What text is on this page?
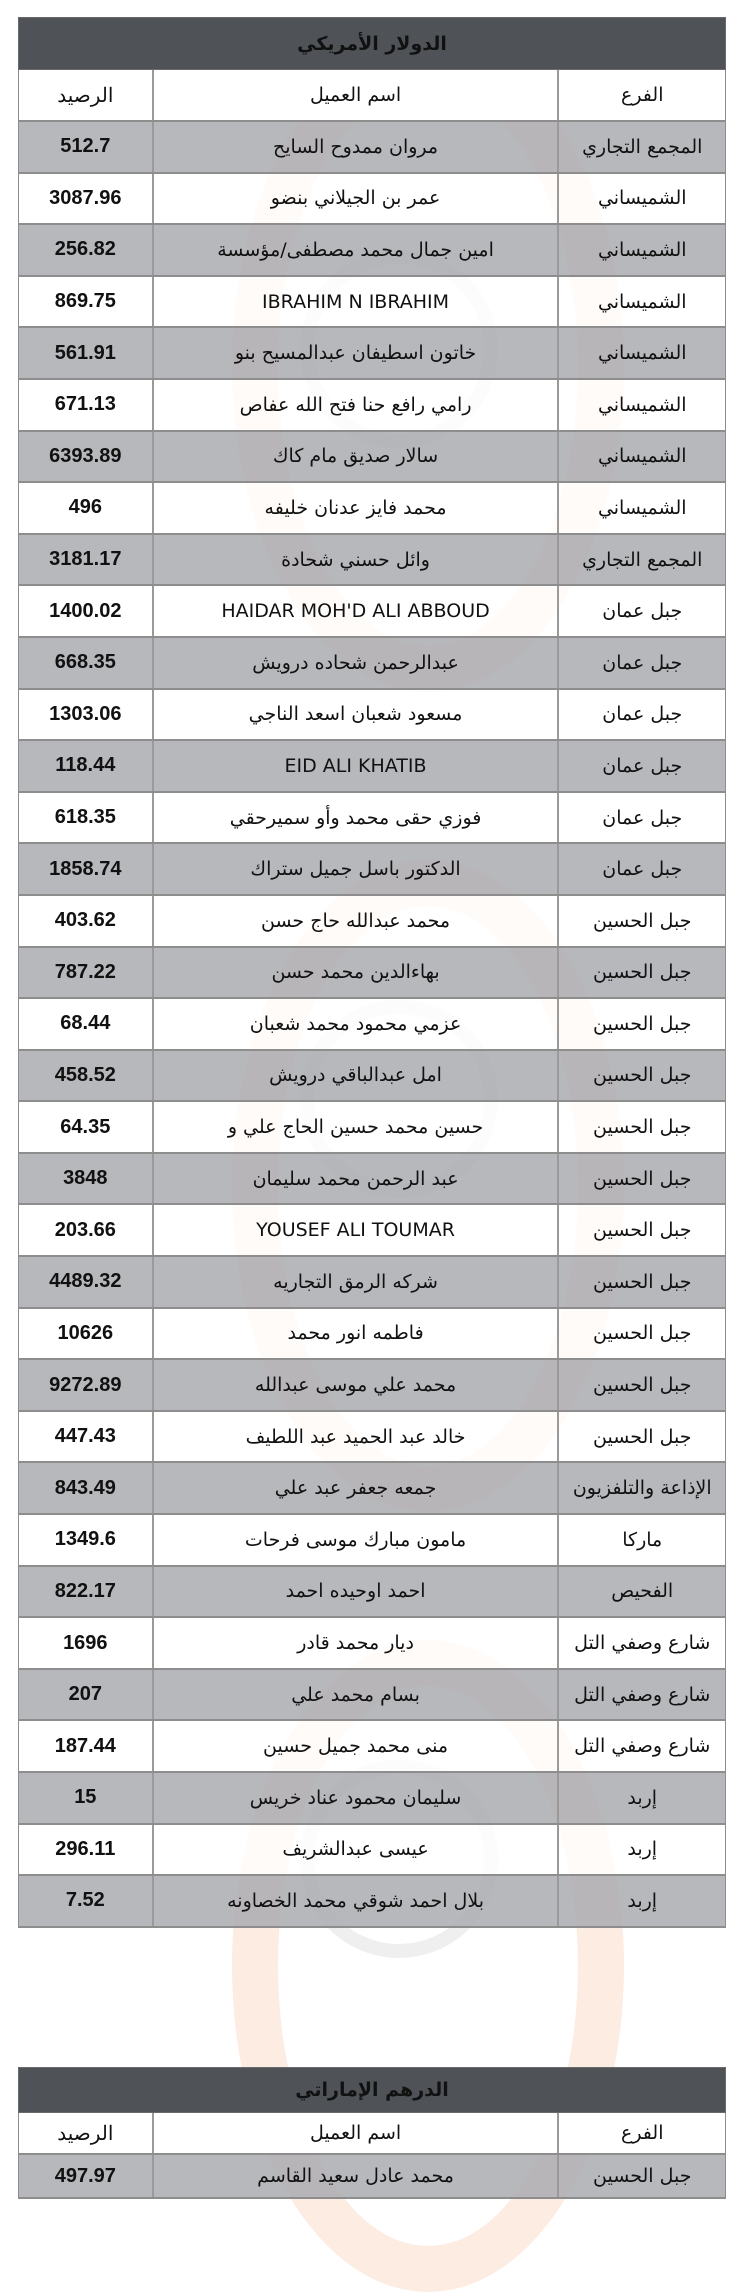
الدولار الأمريكي
الفرع
اسم العميل
الرصيد
المجمع التجاري
مروان ممدوح السايح
512.7
الشميساني
عمر بن الجيلاني بنضو
3087.96
الشميساني
امين جمال محمد مصطفى/مؤسسة
256.82
الشميساني
IBRAHIM N IBRAHIM
869.75
الشميساني
خاتون اسطيفان عبدالمسيح بنو
561.91
الشميساني
رامي رافع حنا فتح الله عفاص
671.13
الشميساني
سالار صديق مام كاك
6393.89
الشميساني
محمد فايز عدنان خليفه
496
المجمع التجاري
وائل حسني شحادة
3181.17
جبل عمان
HAIDAR MOH'D ALI ABBOUD
1400.02
جبل عمان
عبدالرحمن شحاده درويش
668.35
جبل عمان
مسعود شعبان اسعد الناجي
1303.06
جبل عمان
EID ALI KHATIB
118.44
جبل عمان
فوزي حقى محمد وأو سميرحقي
618.35
جبل عمان
الدكتور باسل جميل ستراك
1858.74
جبل الحسين
محمد عبدالله حاج حسن
403.62
جبل الحسين
بهاءالدين محمد حسن
787.22
جبل الحسين
عزمي محمود محمد شعبان
68.44
جبل الحسين
امل عبدالباقي درويش
458.52
جبل الحسين
حسين محمد حسين الحاج علي و
64.35
جبل الحسين
عبد الرحمن محمد سليمان
3848
جبل الحسين
YOUSEF ALI TOUMAR
203.66
جبل الحسين
شركه الرمق التجاريه
4489.32
جبل الحسين
فاطمه انور محمد
10626
جبل الحسين
محمد علي موسى عبدالله
9272.89
جبل الحسين
خالد عبد الحميد عبد اللطيف
447.43
الإذاعة والتلفزيون
جمعه جعفر عبد علي
843.49
ماركا
مامون مبارك موسى فرحات
1349.6
الفحيص
احمد اوحيده احمد
822.17
شارع وصفي التل
ديار محمد قادر
1696
شارع وصفي التل
بسام محمد علي
207
شارع وصفي التل
منى محمد جميل حسين
187.44
إربد
سليمان محمود عناد خريس
15
إربد
عيسى عبدالشريف
296.11
إربد
بلال احمد شوقي محمد الخصاونه
7.52
الدرهم الإماراتي
الفرع
اسم العميل
الرصيد
جبل الحسين
محمد عادل سعيد القاسم
497.97
